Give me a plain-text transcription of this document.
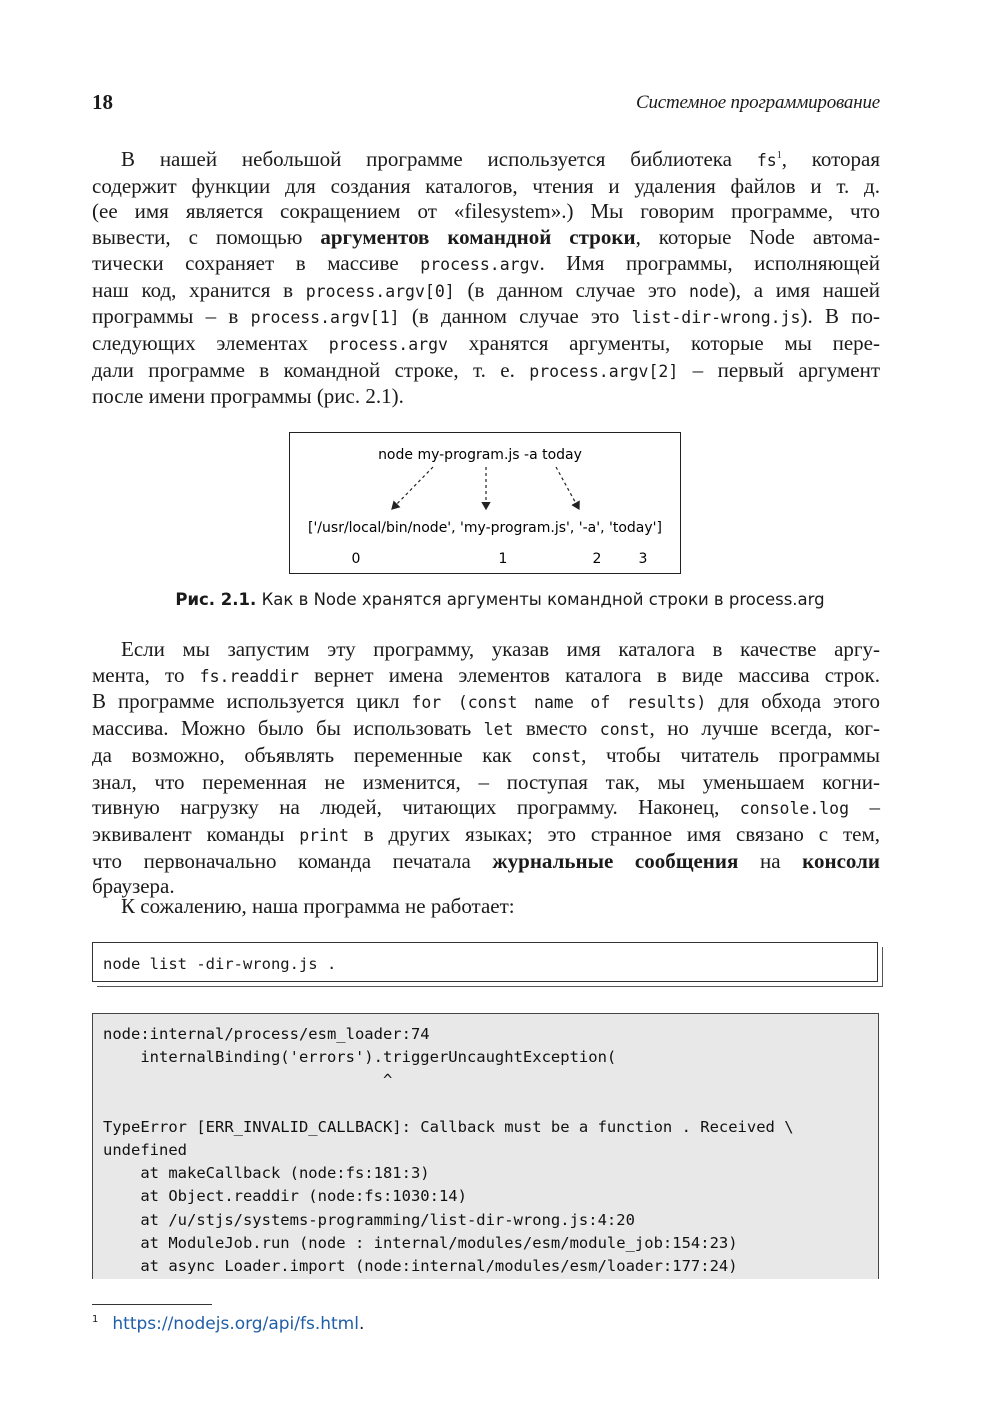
18	Системное программирование
В нашей небольшой программе используется библиотека $fs^1$, которая
содержит функции для создания каталогов, чтения и удаления файлов и т. д.
(ее имя является сокращением от «filesystem».) Мы говорим программе, что
вывести, с помощью аргументов командной строки, которые Node автома-
тически сохраняет в массиве process.argv. Имя программы, исполняющей
наш код, хранится в process.argv[0] (в данном случае это node), а имя нашей
программы – в process.argv[1] (в данном случае это list-dir-wrong.js). В по-
следующих элементах process.argv хранятся аргументы, которые мы пере-
дали программе в командной строке, т. е. process.argv[2] – первый аргумент
после имени программы (рис. 2.1).
node my-program.js -a today
['/usr/local/bin/node', 'my-program.js', '-a', 'today']
0	1	2	3
Рис. 2.1. Как в Node хранятся аргументы командной строки в process.arg
Если мы запустим эту программу, указав имя каталога в качестве аргу-
мента, то fs.readdir вернет имена элементов каталога в виде массива строк.
В программе используется цикл for (const name of results) для обхода этого
массива. Можно было бы использовать let вместо const, но лучше всегда, ког-
да возможно, объявлять переменные как const, чтобы читатель программы
знал, что переменная не изменится, – поступая так, мы уменьшаем когни-
тивную нагрузку на людей, читающих программу. Наконец, console.log –
эквивалент команды print в других языках; это странное имя связано с тем,
что первоначально команда печатала журнальные сообщения на консоли
браузера.
К сожалению, наша программа не работает:
node list -dir-wrong.js .
node:internal/process/esm_loader:74
internalBinding('errors').triggerUncaughtException(
^

TypeError [ERR_INVALID_CALLBACK]: Callback must be a function . Received \
undefined
at makeCallback (node:fs:181:3)
at Object.readdir (node:fs:1030:14)
at /u/stjs/systems-programming/list-dir-wrong.js:4:20
at ModuleJob.run (node : internal/modules/esm/module_job:154:23)
at async Loader.import (node:internal/modules/esm/loader:177:24)
$^1$ https://nodejs.org/api/fs.html.
